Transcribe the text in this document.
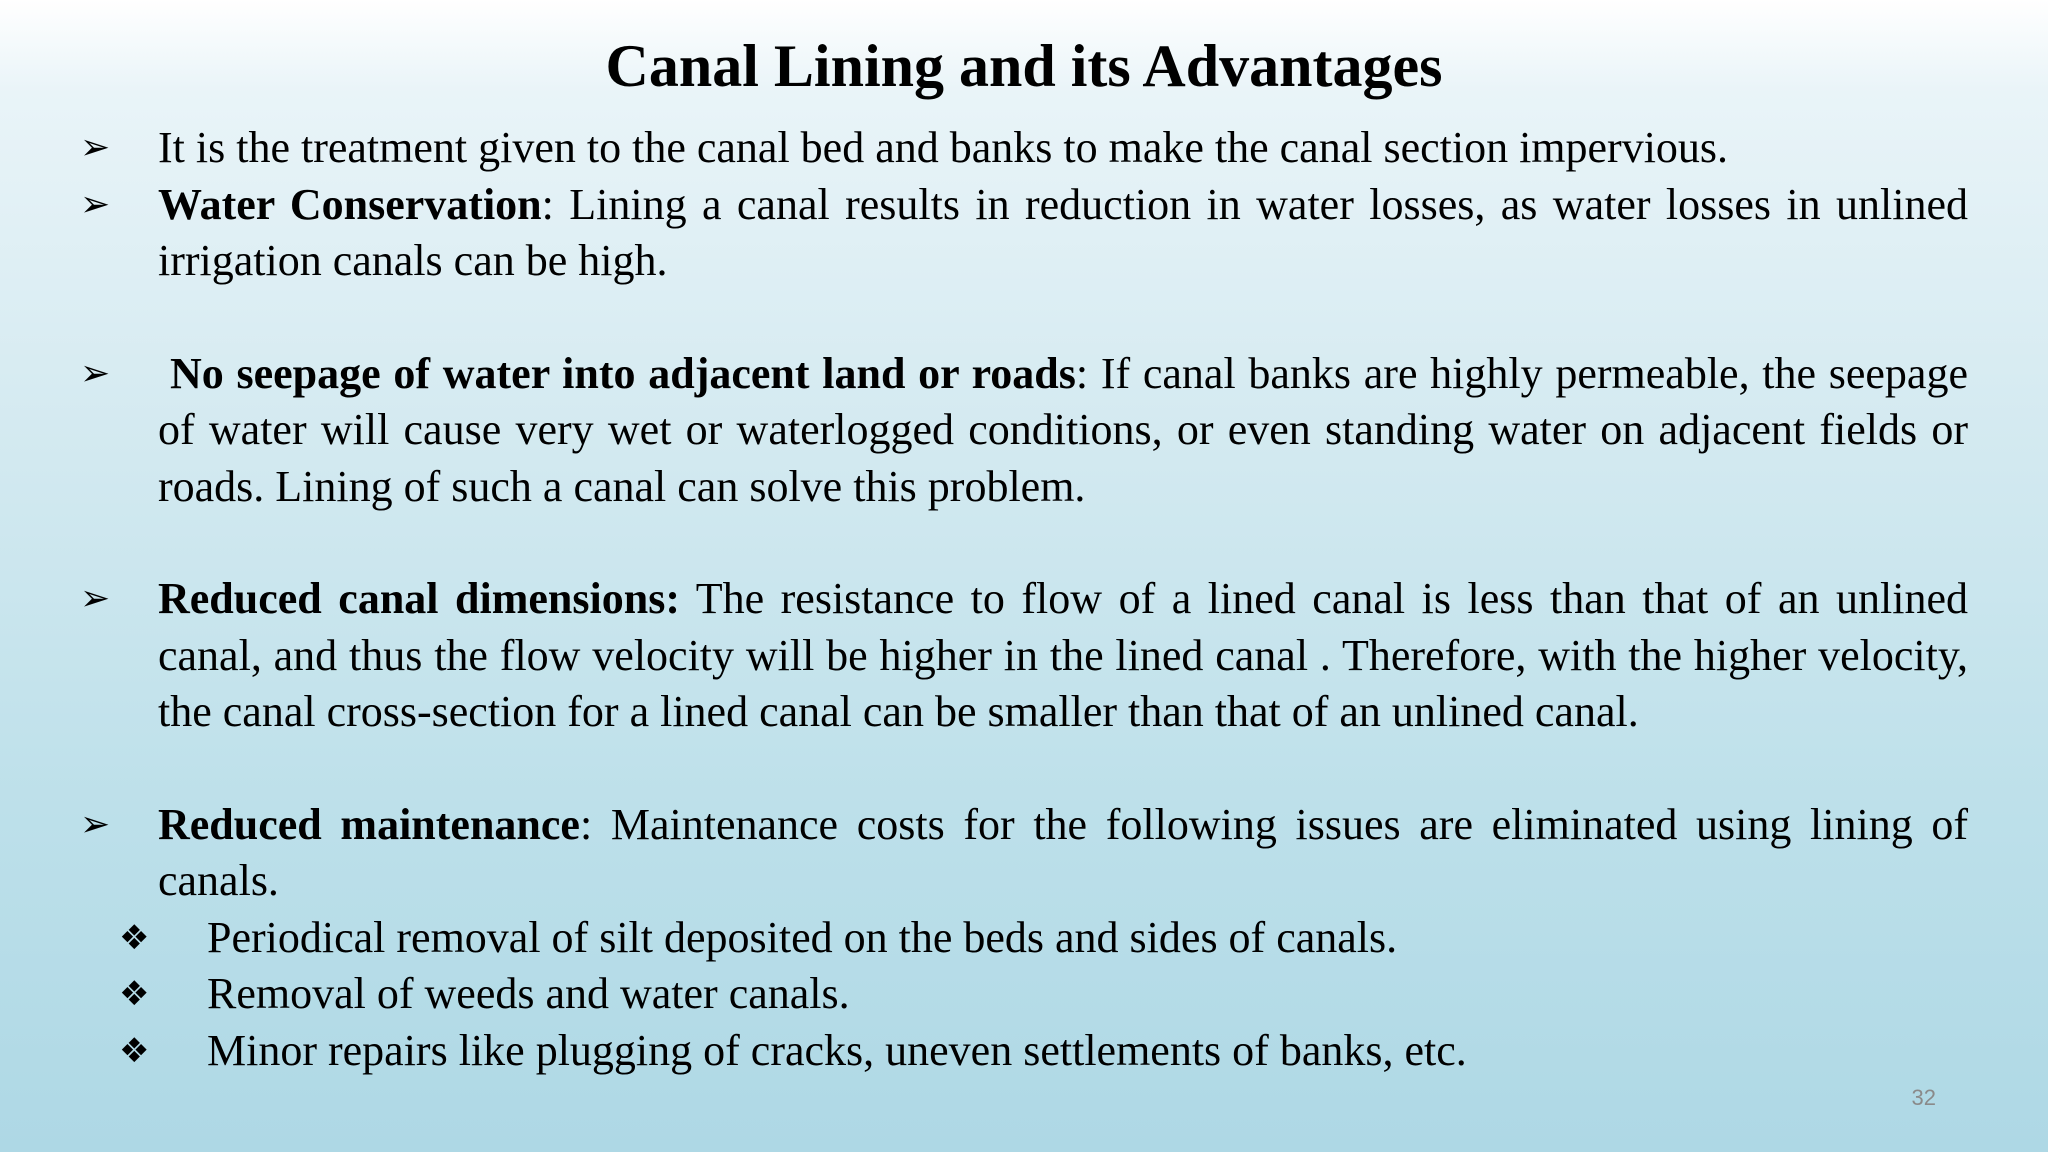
Canal Lining and its Advantages
➢ It is the treatment given to the canal bed and banks to make the canal section impervious.
➢ Water Conservation: Lining a canal results in reduction in water losses, as water losses in unlined irrigation canals can be high.
➢ No seepage of water into adjacent land or roads: If canal banks are highly permeable, the seepage of water will cause very wet or waterlogged conditions, or even standing water on adjacent fields or roads. Lining of such a canal can solve this problem.
➢ Reduced canal dimensions: The resistance to flow of a lined canal is less than that of an unlined canal, and thus the flow velocity will be higher in the lined canal . Therefore, with the higher velocity, the canal cross-section for a lined canal can be smaller than that of an unlined canal.
➢ Reduced maintenance: Maintenance costs for the following issues are eliminated using lining of canals.
❖ Periodical removal of silt deposited on the beds and sides of canals.
❖ Removal of weeds and water canals.
❖ Minor repairs like plugging of cracks, uneven settlements of banks, etc.
32
